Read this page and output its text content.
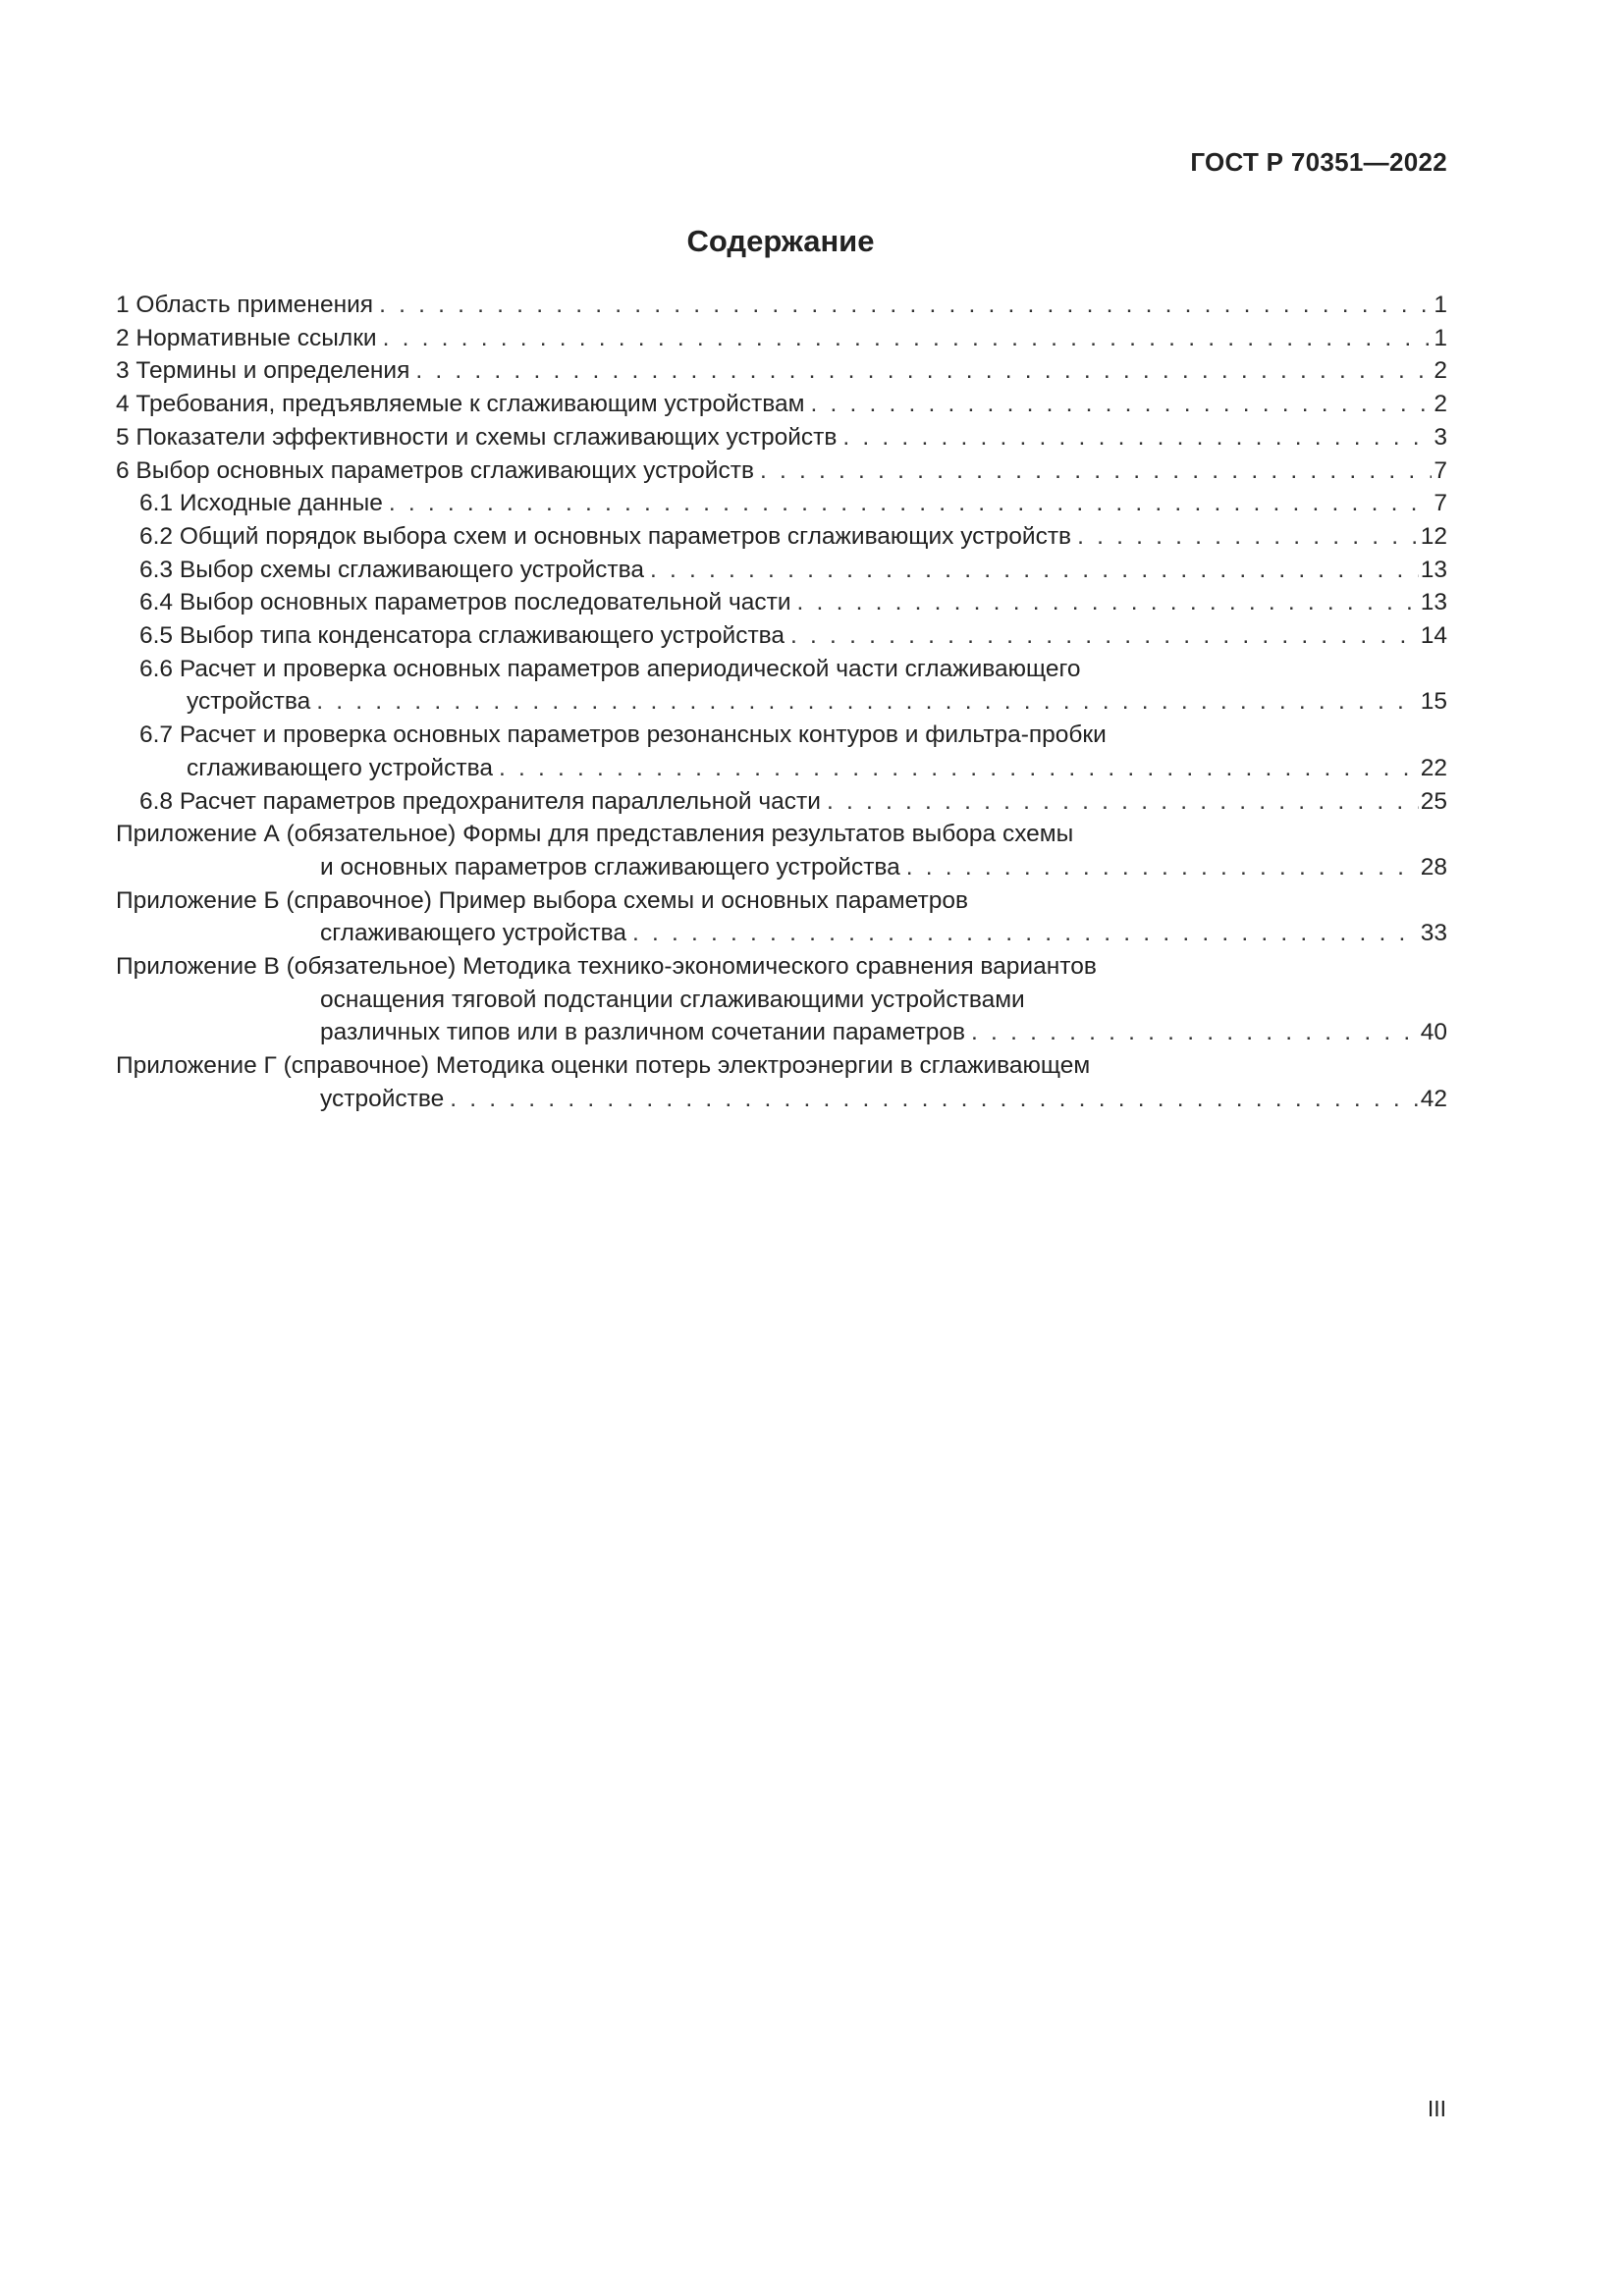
ГОСТ Р 70351—2022
Содержание
1 Область применения . . .	1
2 Нормативные ссылки . . .	1
3 Термины и определения . . .	2
4 Требования, предъявляемые к сглаживающим устройствам . . .	2
5 Показатели эффективности и схемы сглаживающих устройств . . .	3
6 Выбор основных параметров сглаживающих устройств . . .	7
6.1 Исходные данные . . .	7
6.2 Общий порядок выбора схем и основных параметров сглаживающих устройств . . .	12
6.3 Выбор схемы сглаживающего устройства . . .	13
6.4 Выбор основных параметров последовательной части . . .	13
6.5 Выбор типа конденсатора сглаживающего устройства . . .	14
6.6 Расчет и проверка основных параметров апериодической части сглаживающего
устройства . . .	15
6.7 Расчет и проверка основных параметров резонансных контуров и фильтра-пробки
сглаживающего устройства . . .	22
6.8 Расчет параметров предохранителя параллельной части . . .	25
Приложение А (обязательное) Формы для представления результатов выбора схемы
и основных параметров сглаживающего устройства . . .	28
Приложение Б (справочное) Пример выбора схемы и основных параметров
сглаживающего устройства . . .	33
Приложение В (обязательное) Методика технико-экономического сравнения вариантов
оснащения тяговой подстанции сглаживающими устройствами
различных типов или в различном сочетании параметров . . .	40
Приложение Г (справочное) Методика оценки потерь электроэнергии в сглаживающем
устройстве . . .	42
III
